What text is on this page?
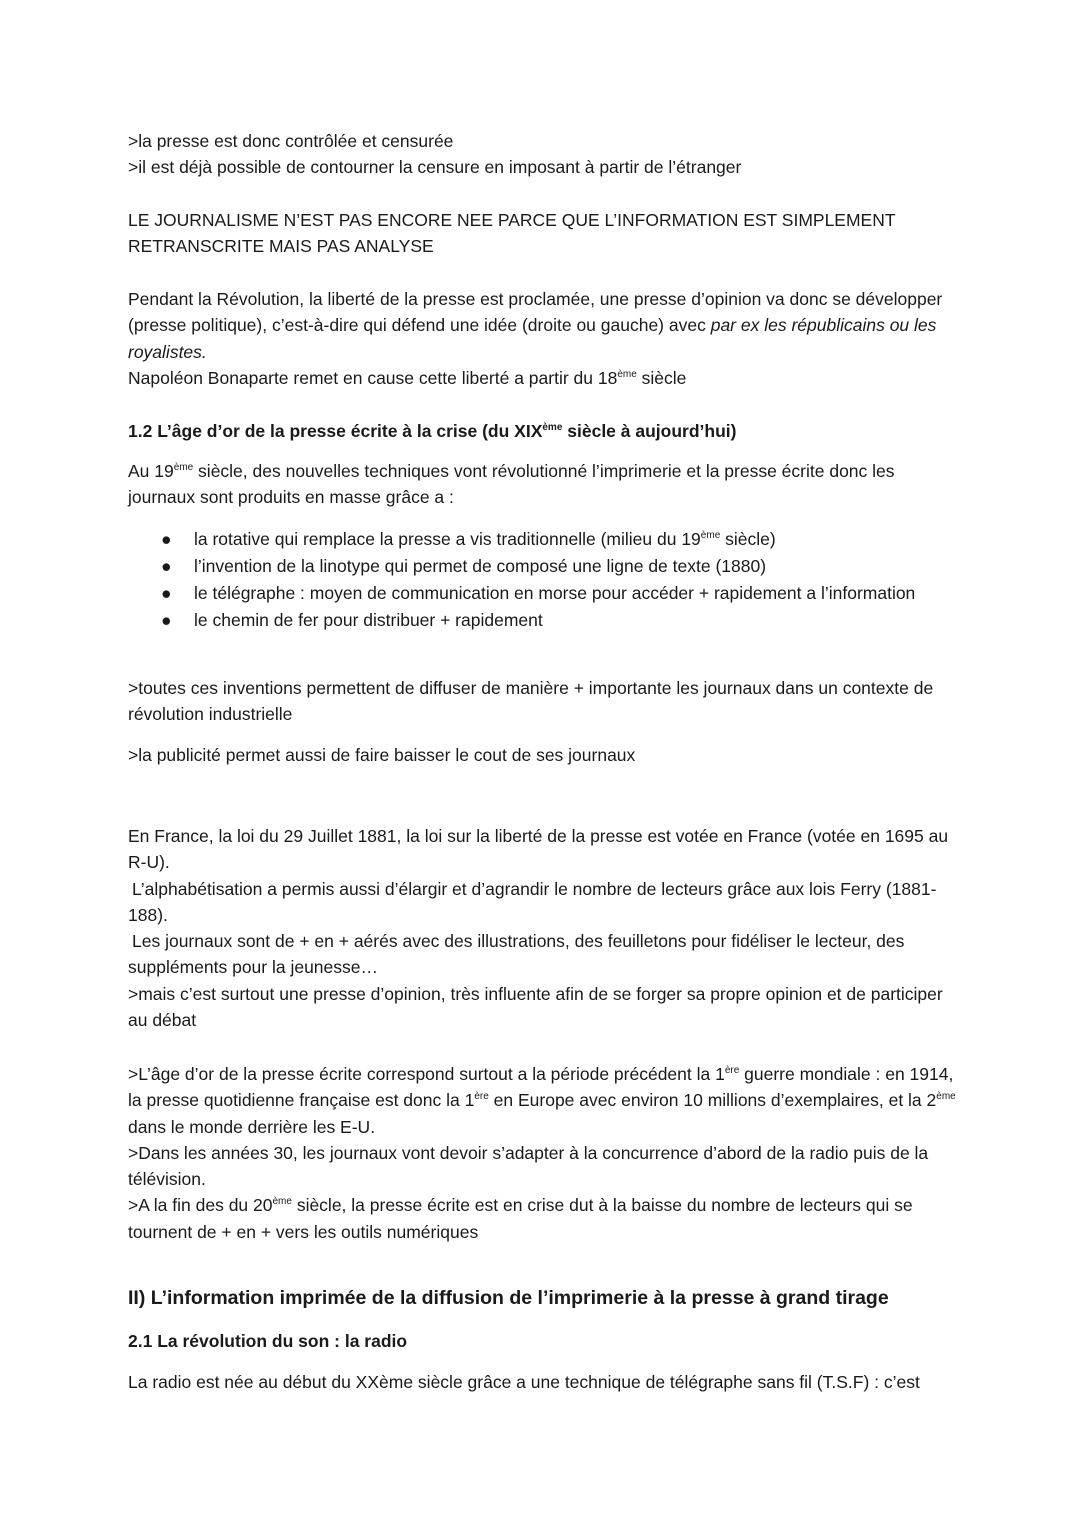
>la presse est donc contrôlée et censurée
>il est déjà possible de contourner la censure en imposant à partir de l’étranger

LE JOURNALISME N’EST PAS ENCORE NEE PARCE QUE L’INFORMATION EST SIMPLEMENT
RETRANSCRITE MAIS PAS ANALYSE

Pendant la Révolution, la liberté de la presse est proclamée, une presse d’opinion va donc se développer (presse politique), c’est-à-dire qui défend une idée (droite ou gauche) avec par ex les républicains ou les royalistes.
Napoléon Bonaparte remet en cause cette liberté a partir du 18ème siècle

1.2 L’âge d’or de la presse écrite à la crise (du XIXème siècle à aujourd’hui)

Au 19ème siècle, des nouvelles techniques vont révolutionné l’imprimerie et la presse écrite donc les journaux sont produits en masse grâce a :

● la rotative qui remplace la presse a vis traditionnelle (milieu du 19ème siècle)
● l’invention de la linotype qui permet de composé une ligne de texte (1880)
● le télégraphe : moyen de communication en morse pour accéder + rapidement a l’information
● le chemin de fer pour distribuer + rapidement

>toutes ces inventions permettent de diffuser de manière + importante les journaux dans un contexte de révolution industrielle

>la publicité permet aussi de faire baisser le cout de ses journaux

En France, la loi du 29 Juillet 1881, la loi sur la liberté de la presse est votée en France (votée en 1695 au R-U).
L’alphabétisation a permis aussi d’élargir et d’agrandir le nombre de lecteurs grâce aux lois Ferry (1881-188).
Les journaux sont de + en + aérés avec des illustrations, des feuilletons pour fidéliser le lecteur, des suppléments pour la jeunesse…
>mais c’est surtout une presse d’opinion, très influente afin de se forger sa propre opinion et de participer au débat

>L’âge d’or de la presse écrite correspond surtout a la période précédent la 1ère guerre mondiale : en 1914, la presse quotidienne française est donc la 1ère en Europe avec environ 10 millions d’exemplaires, et la 2ème dans le monde derrière les E-U.
>Dans les années 30, les journaux vont devoir s’adapter à la concurrence d’abord de la radio puis de la télévision.
>A la fin des du 20ème siècle, la presse écrite est en crise dut à la baisse du nombre de lecteurs qui se tournent de + en + vers les outils numériques

II) L’information imprimée de la diffusion de l’imprimerie à la presse à grand tirage
2.1 La révolution du son : la radio

La radio est née au début du XXème siècle grâce a une technique de télégraphe sans fil (T.S.F) : c’est
